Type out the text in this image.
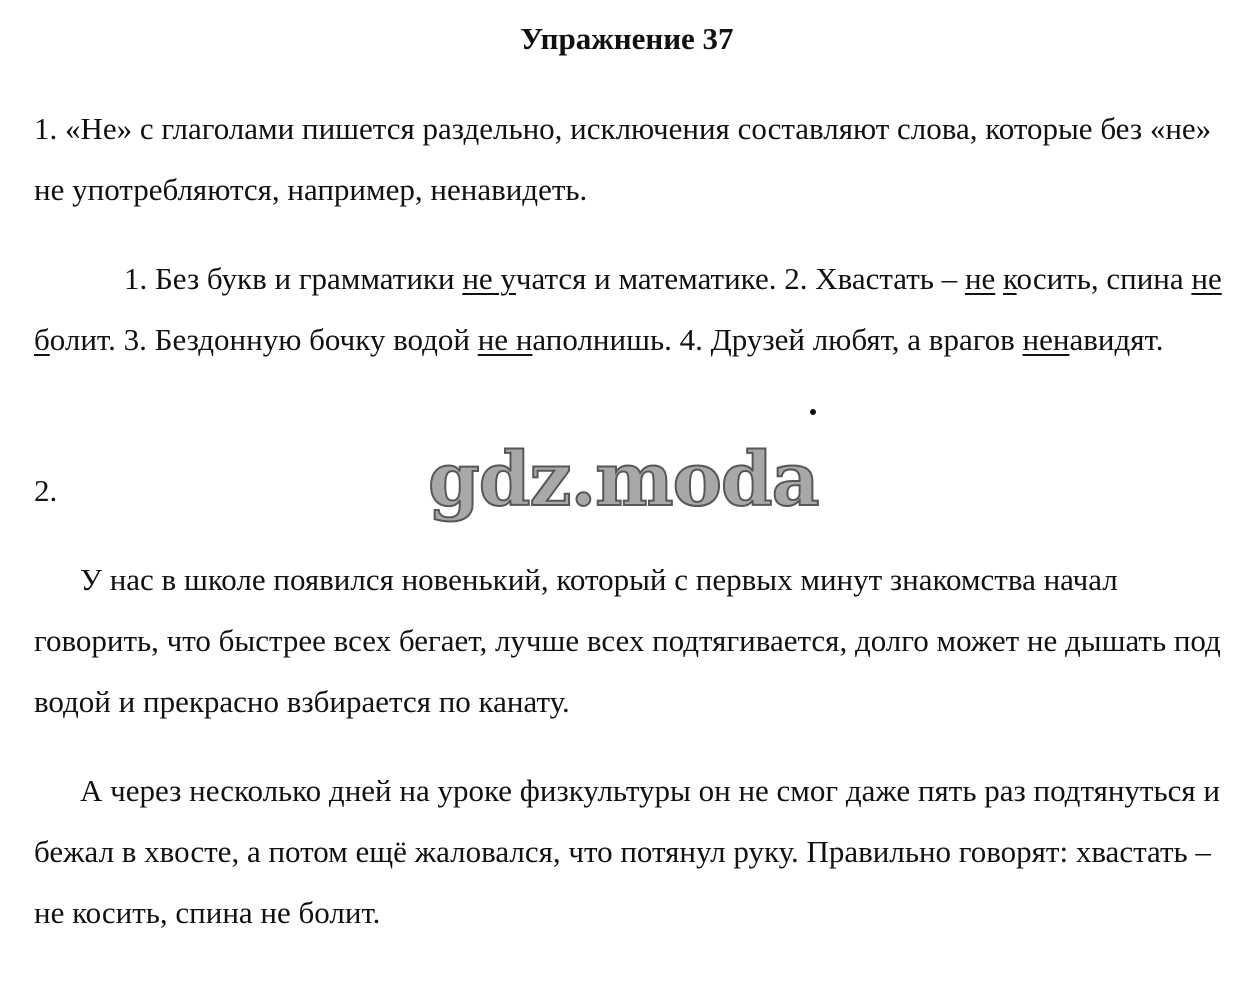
Упражнение 37

1. «Не» с глаголами пишется раздельно, исключения составляют слова, которые без «не» не употребляются, например, ненавидеть.

1. Без букв и грамматики не учатся и математике. 2. Хвастать – не косить, спина не болит. 3. Бездонную бочку водой не наполнишь. 4. Друзей любят, а врагов ненавидят.

2.	gdz.moda

У нас в школе появился новенький, который с первых минут знакомства начал говорить, что быстрее всех бегает, лучше всех подтягивается, долго может не дышать под водой и прекрасно взбирается по канату.

А через несколько дней на уроке физкультуры он не смог даже пять раз подтянуться и бежал в хвосте, а потом ещё жаловался, что потянул руку. Правильно говорят: хвастать – не косить, спина не болит.
